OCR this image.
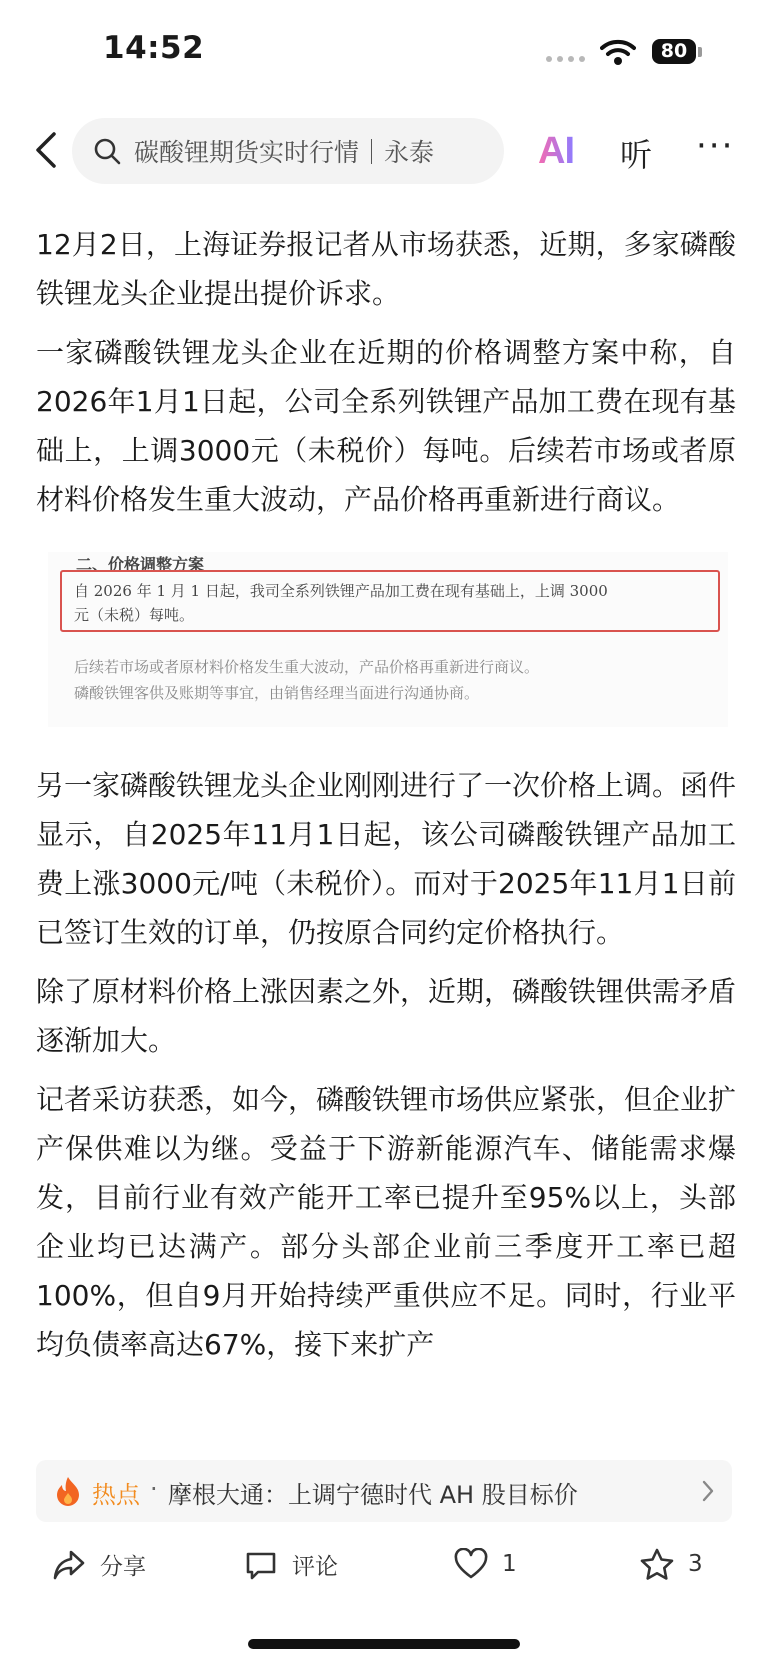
14:52	80
碳酸锂期货实时行情｜永泰	AI 听 ···

12月2日，上海证券报记者从市场获悉，近期，多家磷酸铁锂龙头企业提出提价诉求。

一家磷酸铁锂龙头企业在近期的价格调整方案中称，自2026年1月1日起，公司全系列铁锂产品加工费在现有基础上，上调3000元（未税价）每吨。后续若市场或者原材料价格发生重大波动，产品价格再重新进行商议。

二、价格调整方案
自 2026 年 1 月 1 日起，我司全系列铁锂产品加工费在现有基础上，上调 3000
元（未税）每吨。
后续若市场或者原材料价格发生重大波动，产品价格再重新进行商议。
磷酸铁锂客供及账期等事宜，由销售经理当面进行沟通协商。

另一家磷酸铁锂龙头企业刚刚进行了一次价格上调。函件显示，自2025年11月1日起，该公司磷酸铁锂产品加工费上涨3000元/吨（未税价）。而对于2025年11月1日前已签订生效的订单，仍按原合同约定价格执行。

除了原材料价格上涨因素之外，近期，磷酸铁锂供需矛盾逐渐加大。

记者采访获悉，如今，磷酸铁锂市场供应紧张，但企业扩产保供难以为继。受益于下游新能源汽车、储能需求爆发，目前行业有效产能开工率已提升至95%以上，头部企业均已达满产。部分头部企业前三季度开工率已超100%，但自9月开始持续严重供应不足。同时，行业平均负债率高达67%，接下来扩产

热点 · 摩根大通：上调宁德时代 AH 股目标价
分享	评论	1	3
